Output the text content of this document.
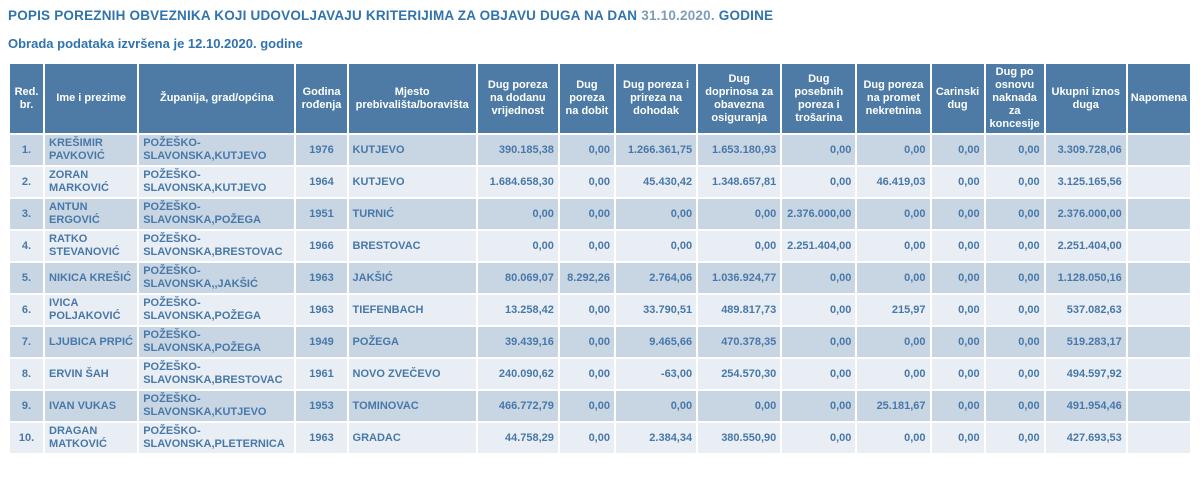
POPIS POREZNIH OBVEZNIKA KOJI UDOVOLJAVAJU KRITERIJIMA ZA OBJAVU DUGA NA DAN 31.10.2020. GODINE
Obrada podataka izvršena je 12.10.2020. godine
Red. br.	Ime i prezime	Županija, grad/općina	Godina rođenja	Mjesto prebivališta/boravišta	Dug poreza na dodanu vrijednost	Dug poreza na dobit	Dug poreza i prireza na dohodak	Dug doprinosa za obavezna osiguranja	Dug posebnih poreza i trošarina	Dug poreza na promet nekretnina	Carinski dug	Dug po osnovu naknada za koncesije	Ukupni iznos duga	Napomena
1.	KREŠIMIR PAVKOVIĆ	POŽEŠKO-SLAVONSKA,KUTJEVO	1976	KUTJEVO	390.185,38	0,00	1.266.361,75	1.653.180,93	0,00	0,00	0,00	0,00	3.309.728,06	
2.	ZORAN MARKOVIĆ	POŽEŠKO-SLAVONSKA,KUTJEVO	1964	KUTJEVO	1.684.658,30	0,00	45.430,42	1.348.657,81	0,00	46.419,03	0,00	0,00	3.125.165,56	
3.	ANTUN ERGOVIĆ	POŽEŠKO-SLAVONSKA,POŽEGA	1951	TURNIĆ	0,00	0,00	0,00	0,00	2.376.000,00	0,00	0,00	0,00	2.376.000,00	
4.	RATKO STEVANOVIĆ	POŽEŠKO-SLAVONSKA,BRESTOVAC	1966	BRESTOVAC	0,00	0,00	0,00	0,00	2.251.404,00	0,00	0,00	0,00	2.251.404,00	
5.	NIKICA KREŠIĆ	POŽEŠKO-SLAVONSKA,,JAKŠIĆ	1963	JAKŠIĆ	80.069,07	8.292,26	2.764,06	1.036.924,77	0,00	0,00	0,00	0,00	1.128.050,16	
6.	IVICA POLJAKOVIĆ	POŽEŠKO-SLAVONSKA,POŽEGA	1963	TIEFENBACH	13.258,42	0,00	33.790,51	489.817,73	0,00	215,97	0,00	0,00	537.082,63	
7.	LJUBICA PRPIĆ	POŽEŠKO-SLAVONSKA,POŽEGA	1949	POŽEGA	39.439,16	0,00	9.465,66	470.378,35	0,00	0,00	0,00	0,00	519.283,17	
8.	ERVIN ŠAH	POŽEŠKO-SLAVONSKA,BRESTOVAC	1961	NOVO ZVEČEVO	240.090,62	0,00	-63,00	254.570,30	0,00	0,00	0,00	0,00	494.597,92	
9.	IVAN VUKAS	POŽEŠKO-SLAVONSKA,KUTJEVO	1953	TOMINOVAC	466.772,79	0,00	0,00	0,00	0,00	25.181,67	0,00	0,00	491.954,46	
10.	DRAGAN MATKOVIĆ	POŽEŠKO-SLAVONSKA,PLETERNICA	1963	GRADAC	44.758,29	0,00	2.384,34	380.550,90	0,00	0,00	0,00	0,00	427.693,53	
